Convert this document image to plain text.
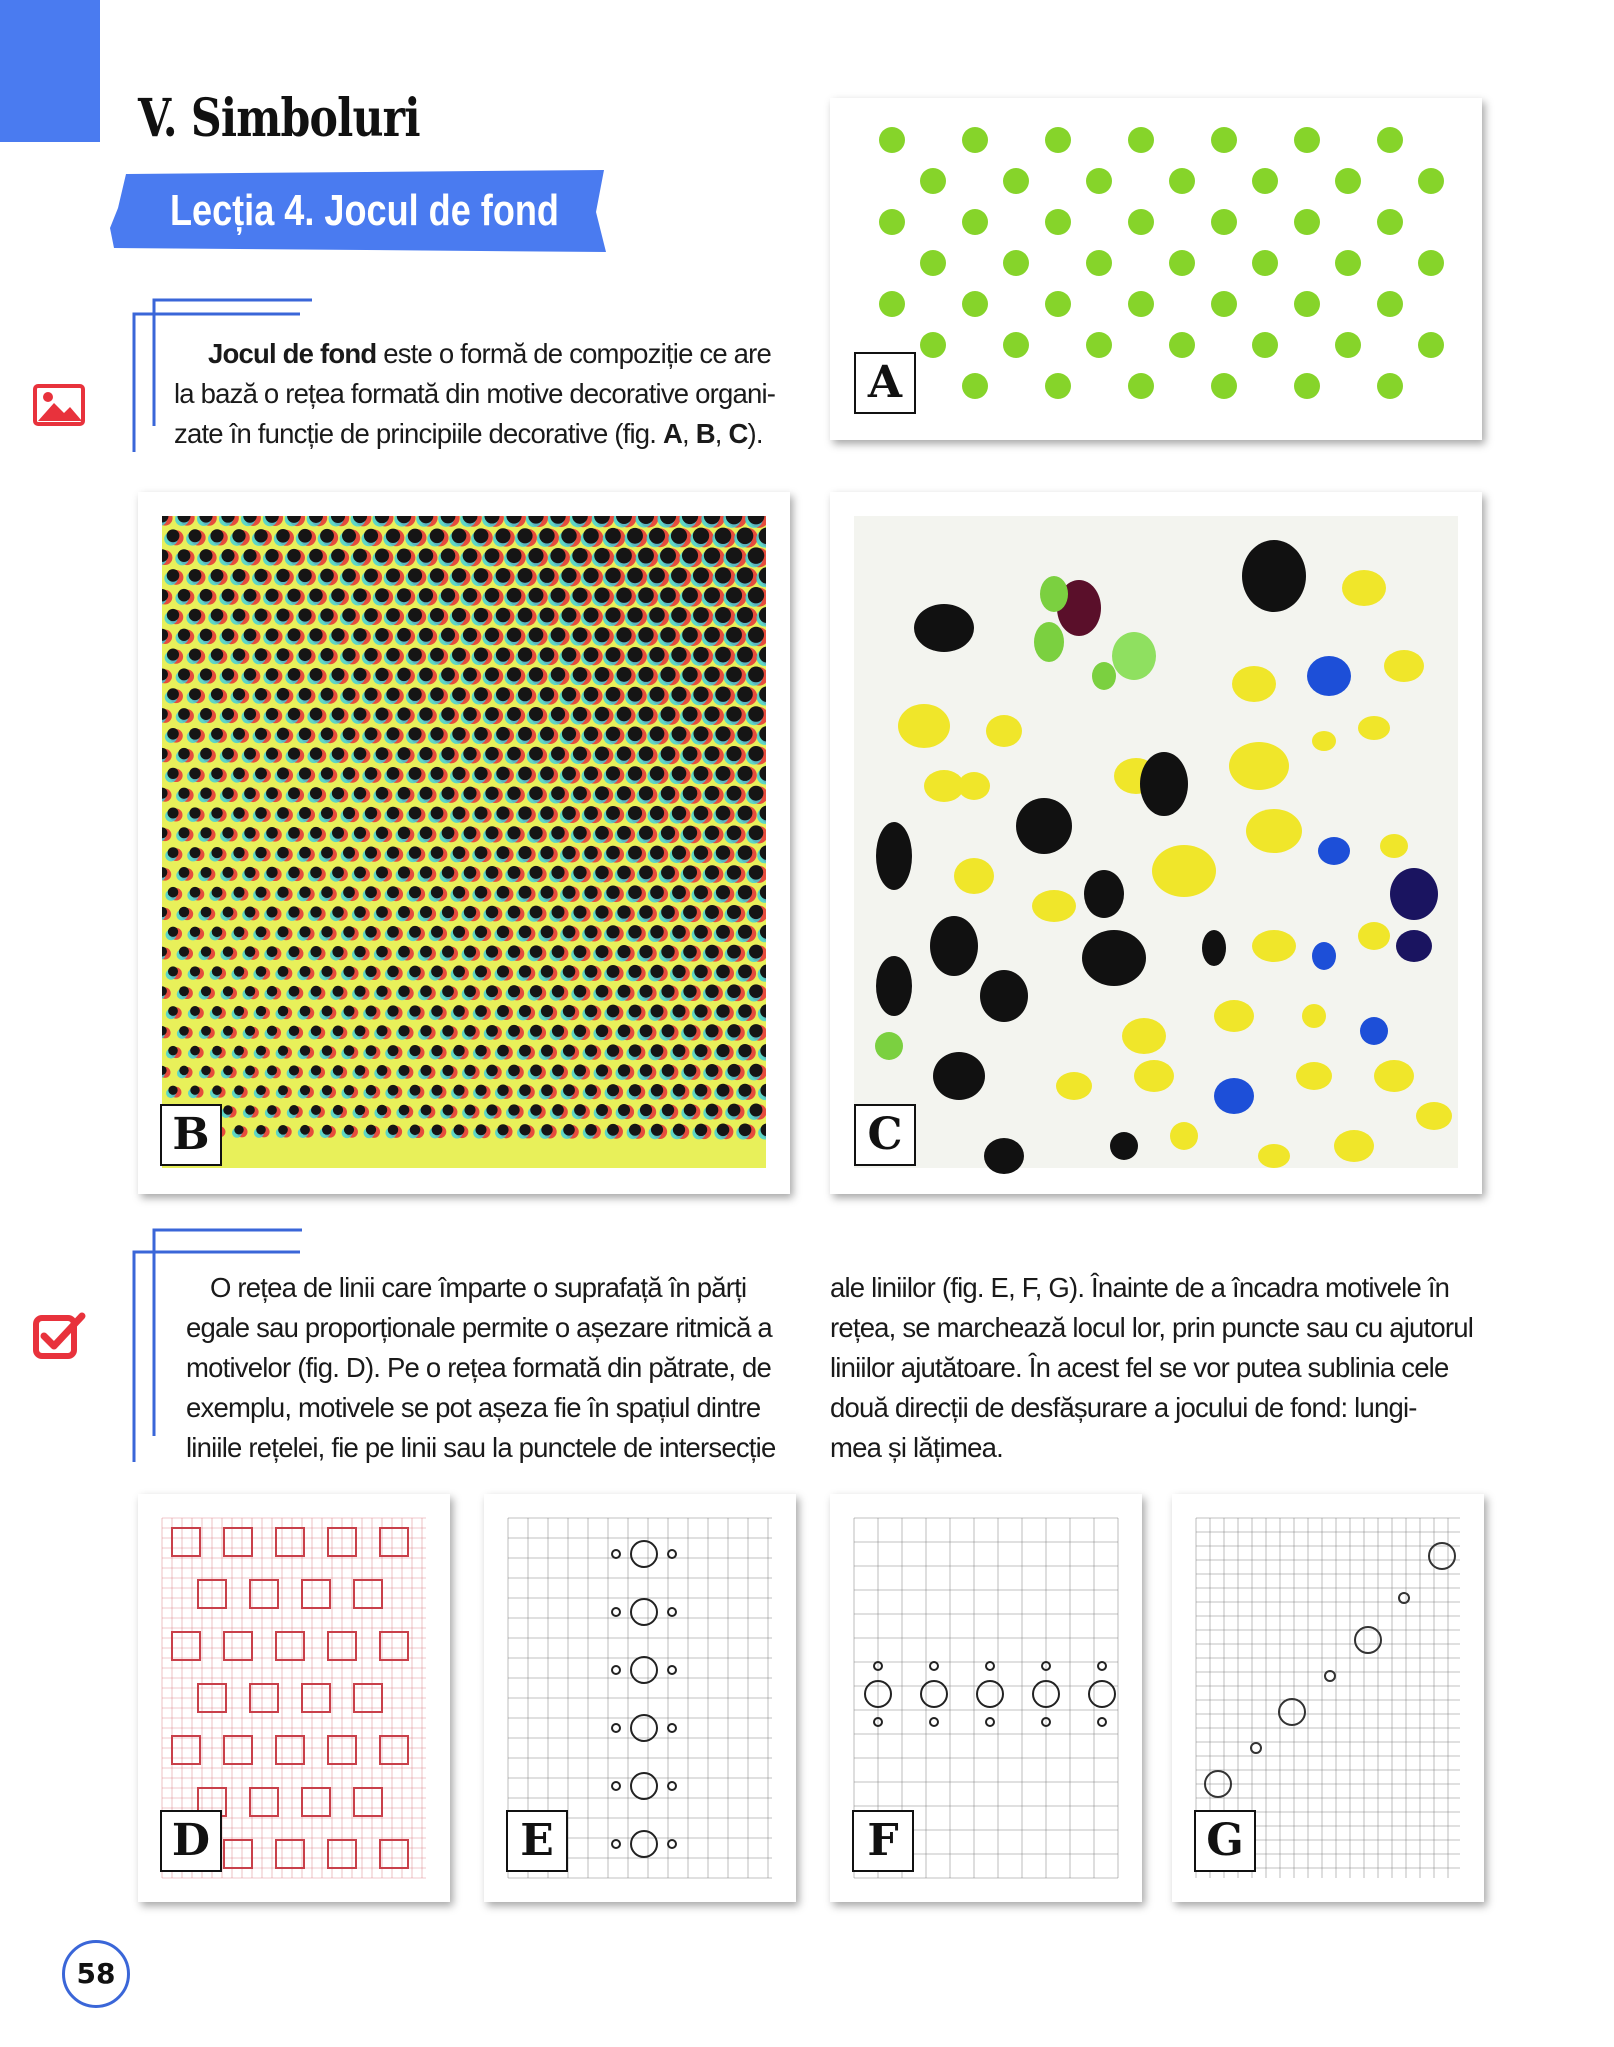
V. Simboluri
Lecția 4. Jocul de fond
Jocul de fond este o formă de compoziție ce are
la bază o rețea formată din motive decorative organi-
zate în funcție de principiile decorative (fig. A, B, C).
A
B	C
O rețea de linii care împarte o suprafață în părți
egale sau proporționale permite o așezare ritmică a
motivelor (fig. D). Pe o rețea formată din pătrate, de
exemplu, motivele se pot așeza fie în spațiul dintre
liniile rețelei, fie pe linii sau la punctele de intersecție
ale liniilor (fig. E, F, G). Înainte de a încadra motivele în
rețea, se marchează locul lor, prin puncte sau cu ajutorul
liniilor ajutătoare. În acest fel se vor putea sublinia cele
două direcții de desfășurare a jocului de fond: lungi-
mea și lățimea.
D	E	F	G
58
